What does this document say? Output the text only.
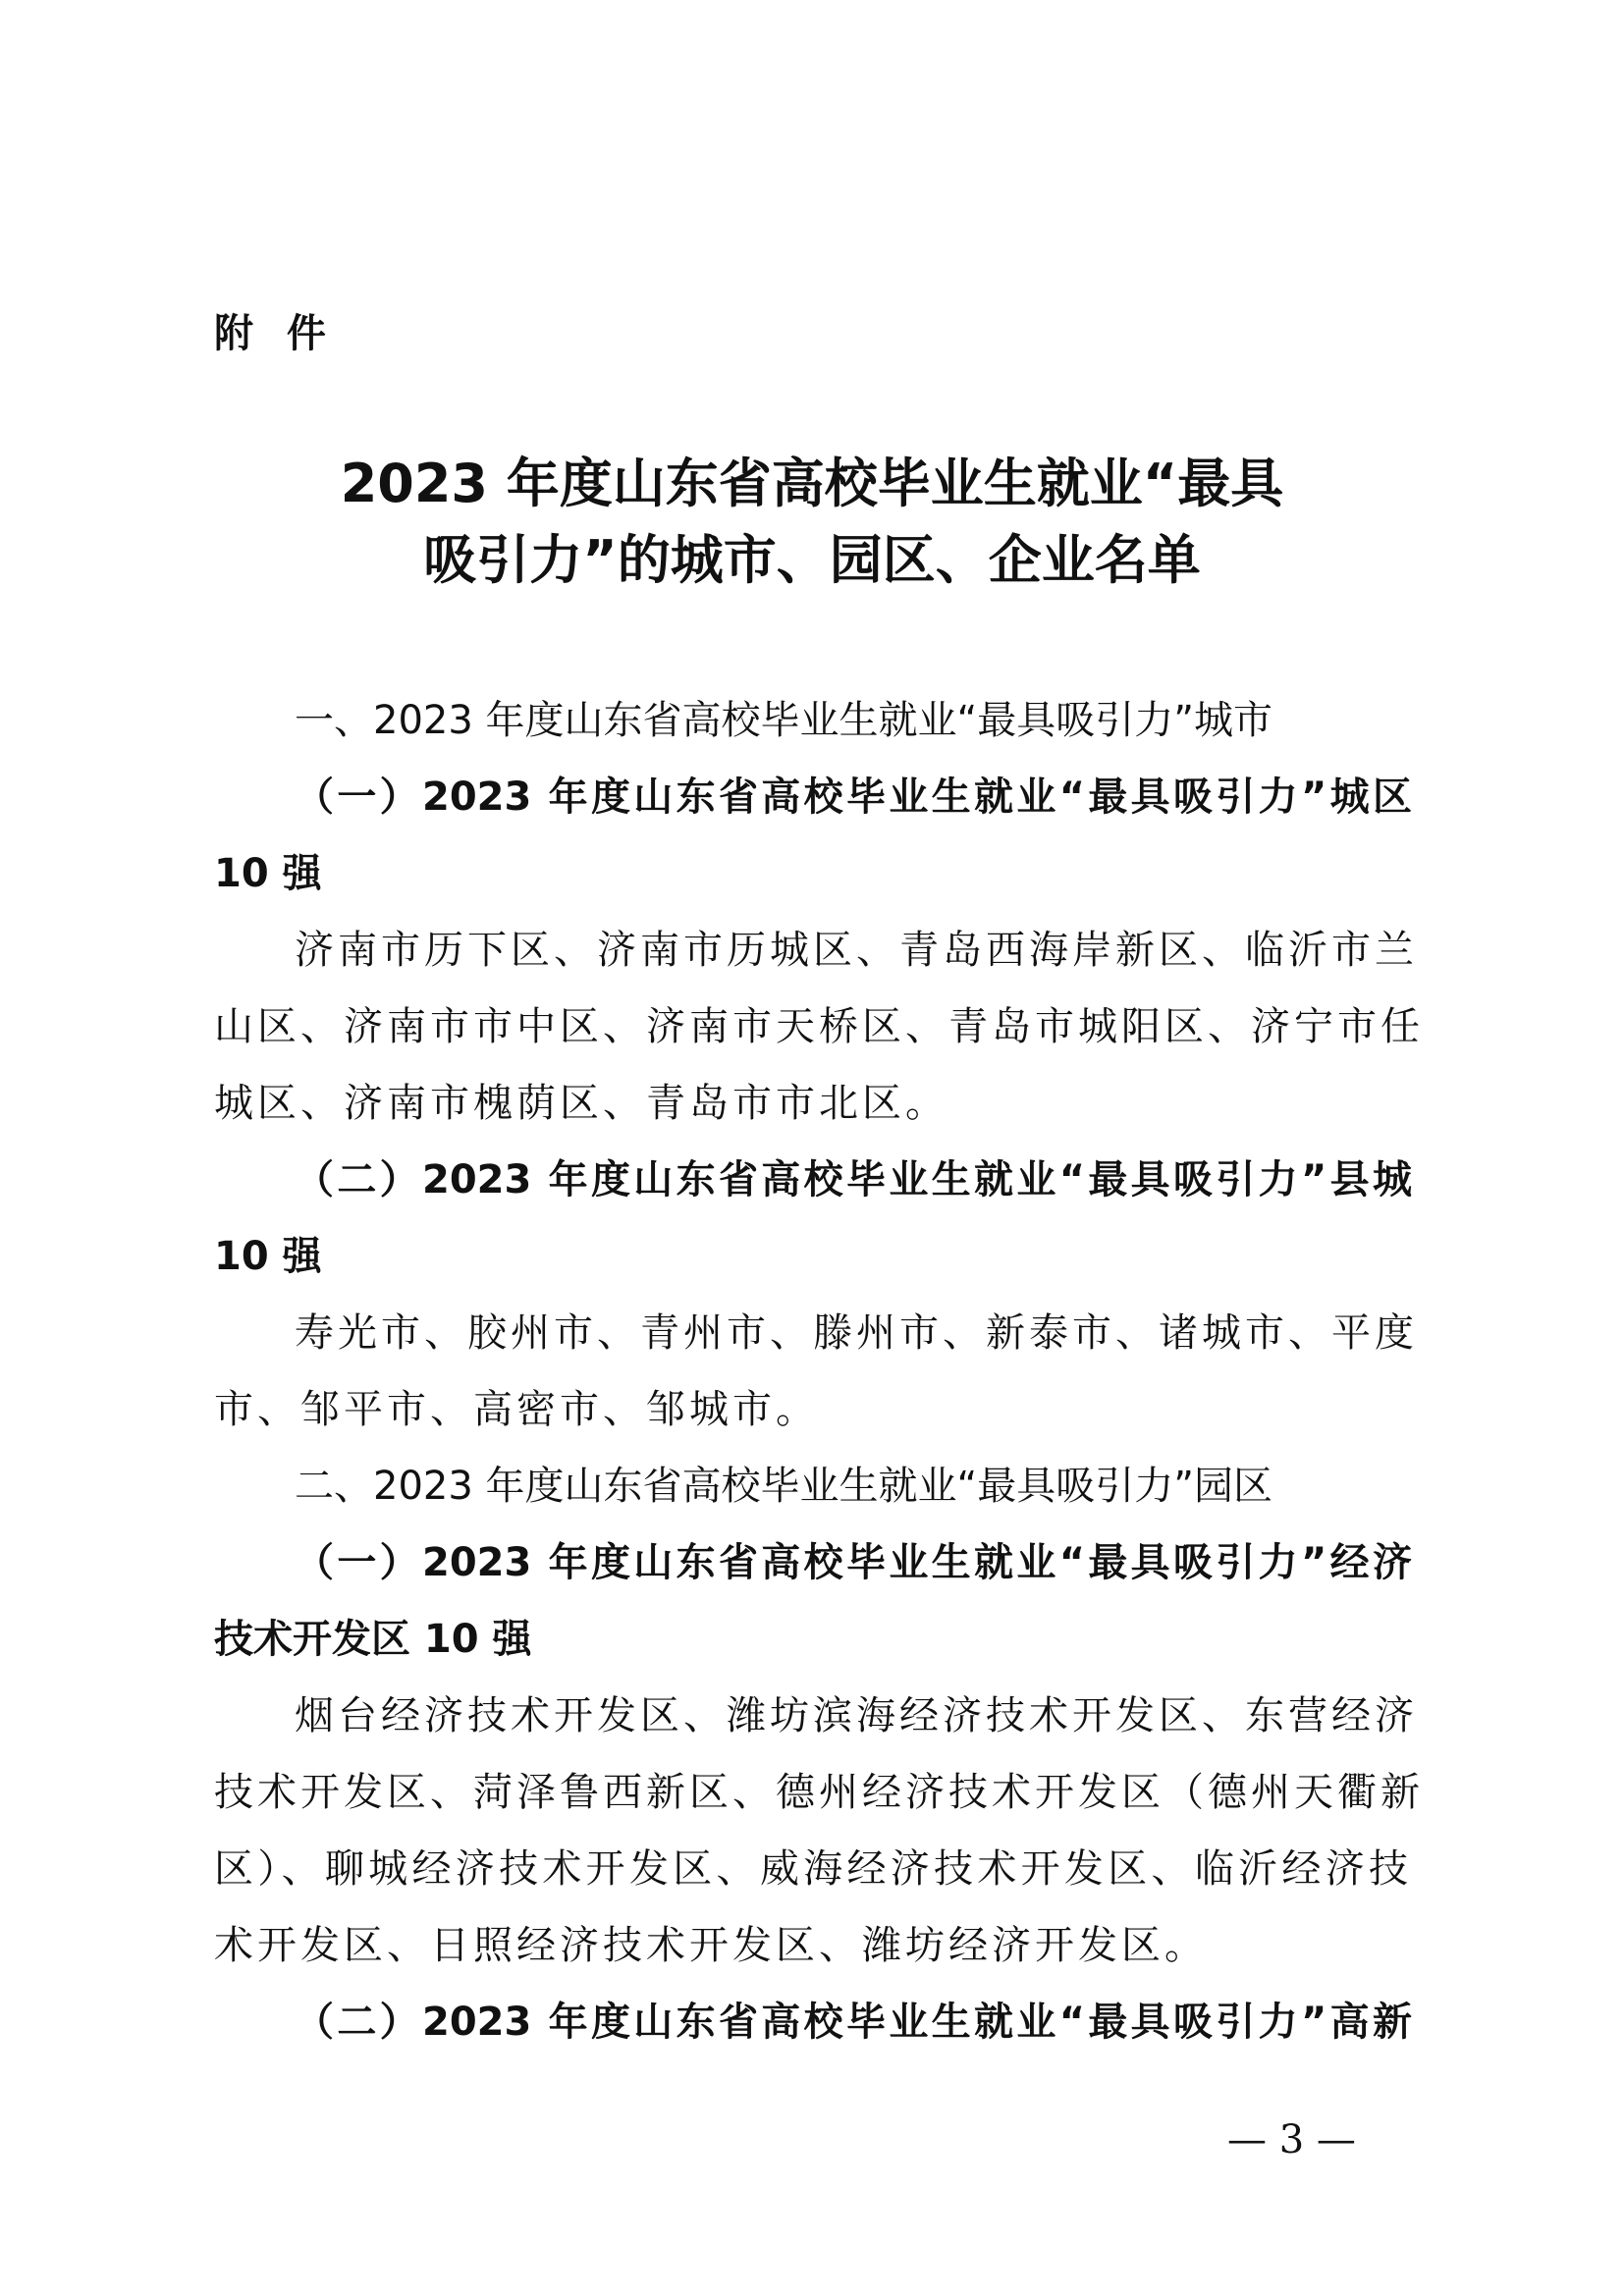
附 件

2023 年度山东省高校毕业生就业“最具
吸引力”的城市、园区、企业名单

一、2023 年度山东省高校毕业生就业“最具吸引力”城市

（一）2023 年度山东省高校毕业生就业“最具吸引力”城区

10 强

济南市历下区、济南市历城区、青岛西海岸新区、临沂市兰

山区、济南市市中区、济南市天桥区、青岛市城阳区、济宁市任

城区、济南市槐荫区、青岛市市北区。

（二）2023 年度山东省高校毕业生就业“最具吸引力”县城

10 强

寿光市、胶州市、青州市、滕州市、新泰市、诸城市、平度

市、邹平市、高密市、邹城市。

二、2023 年度山东省高校毕业生就业“最具吸引力”园区

（一）2023 年度山东省高校毕业生就业“最具吸引力”经济

技术开发区 10 强

烟台经济技术开发区、潍坊滨海经济技术开发区、东营经济

技术开发区、菏泽鲁西新区、德州经济技术开发区（德州天衢新

区）、聊城经济技术开发区、威海经济技术开发区、临沂经济技

术开发区、日照经济技术开发区、潍坊经济开发区。

（二）2023 年度山东省高校毕业生就业“最具吸引力”高新

— 3 —
